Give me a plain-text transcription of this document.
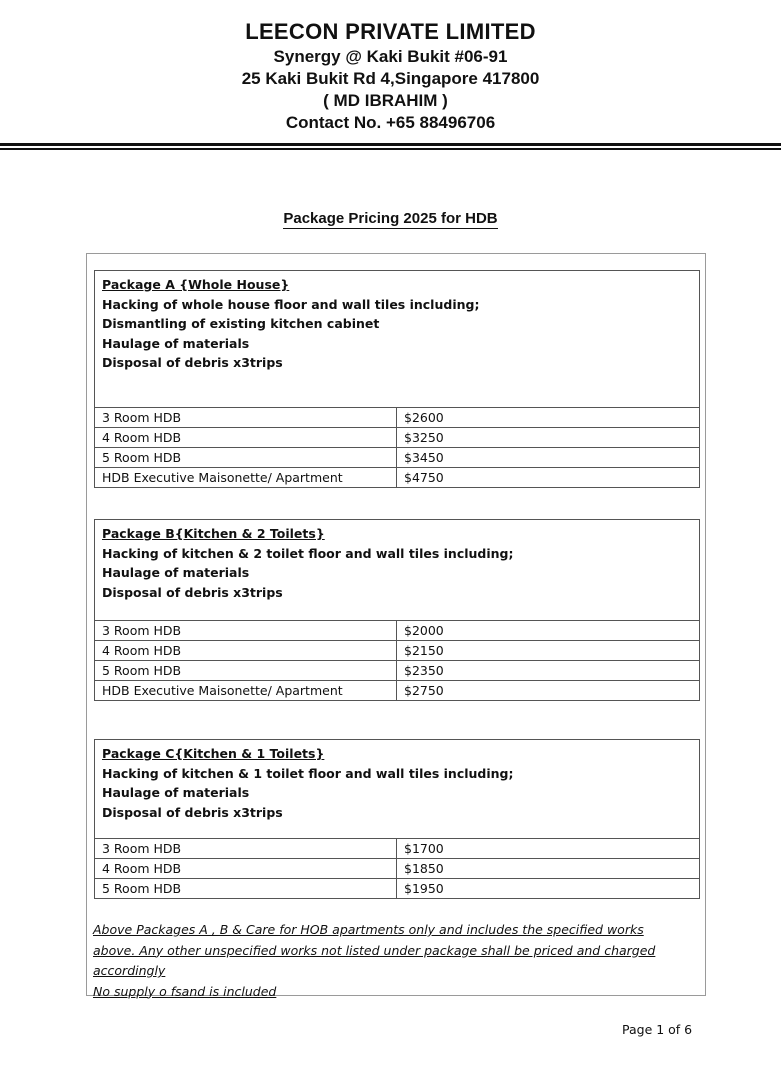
LEECON PRIVATE LIMITED
Synergy @ Kaki Bukit #06-91
25 Kaki Bukit Rd 4,Singapore 417800
( MD IBRAHIM )
Contact No. +65 88496706
Package Pricing 2025 for HDB
Package A {Whole House}
Hacking of whole house floor and wall tiles including;
Dismantling of existing kitchen cabinet
Haulage of materials
Disposal of debris x3trips
3 Room HDB	$2600
4 Room HDB	$3250
5 Room HDB	$3450
HDB Executive Maisonette/ Apartment	$4750
Package B{Kitchen & 2 Toilets}
Hacking of kitchen & 2 toilet floor and wall tiles including;
Haulage of materials
Disposal of debris x3trips
3 Room HDB	$2000
4 Room HDB	$2150
5 Room HDB	$2350
HDB Executive Maisonette/ Apartment	$2750
Package C{Kitchen & 1 Toilets}
Hacking of kitchen & 1 toilet floor and wall tiles including;
Haulage of materials
Disposal of debris x3trips
3 Room HDB	$1700
4 Room HDB	$1850
5 Room HDB	$1950
Above Packages A , B & Care for HOB apartments only and includes the specified works
above. Any other unspecified works not listed under package shall be priced and charged
accordingly
No supply o fsand is included
Page 1 of 6
